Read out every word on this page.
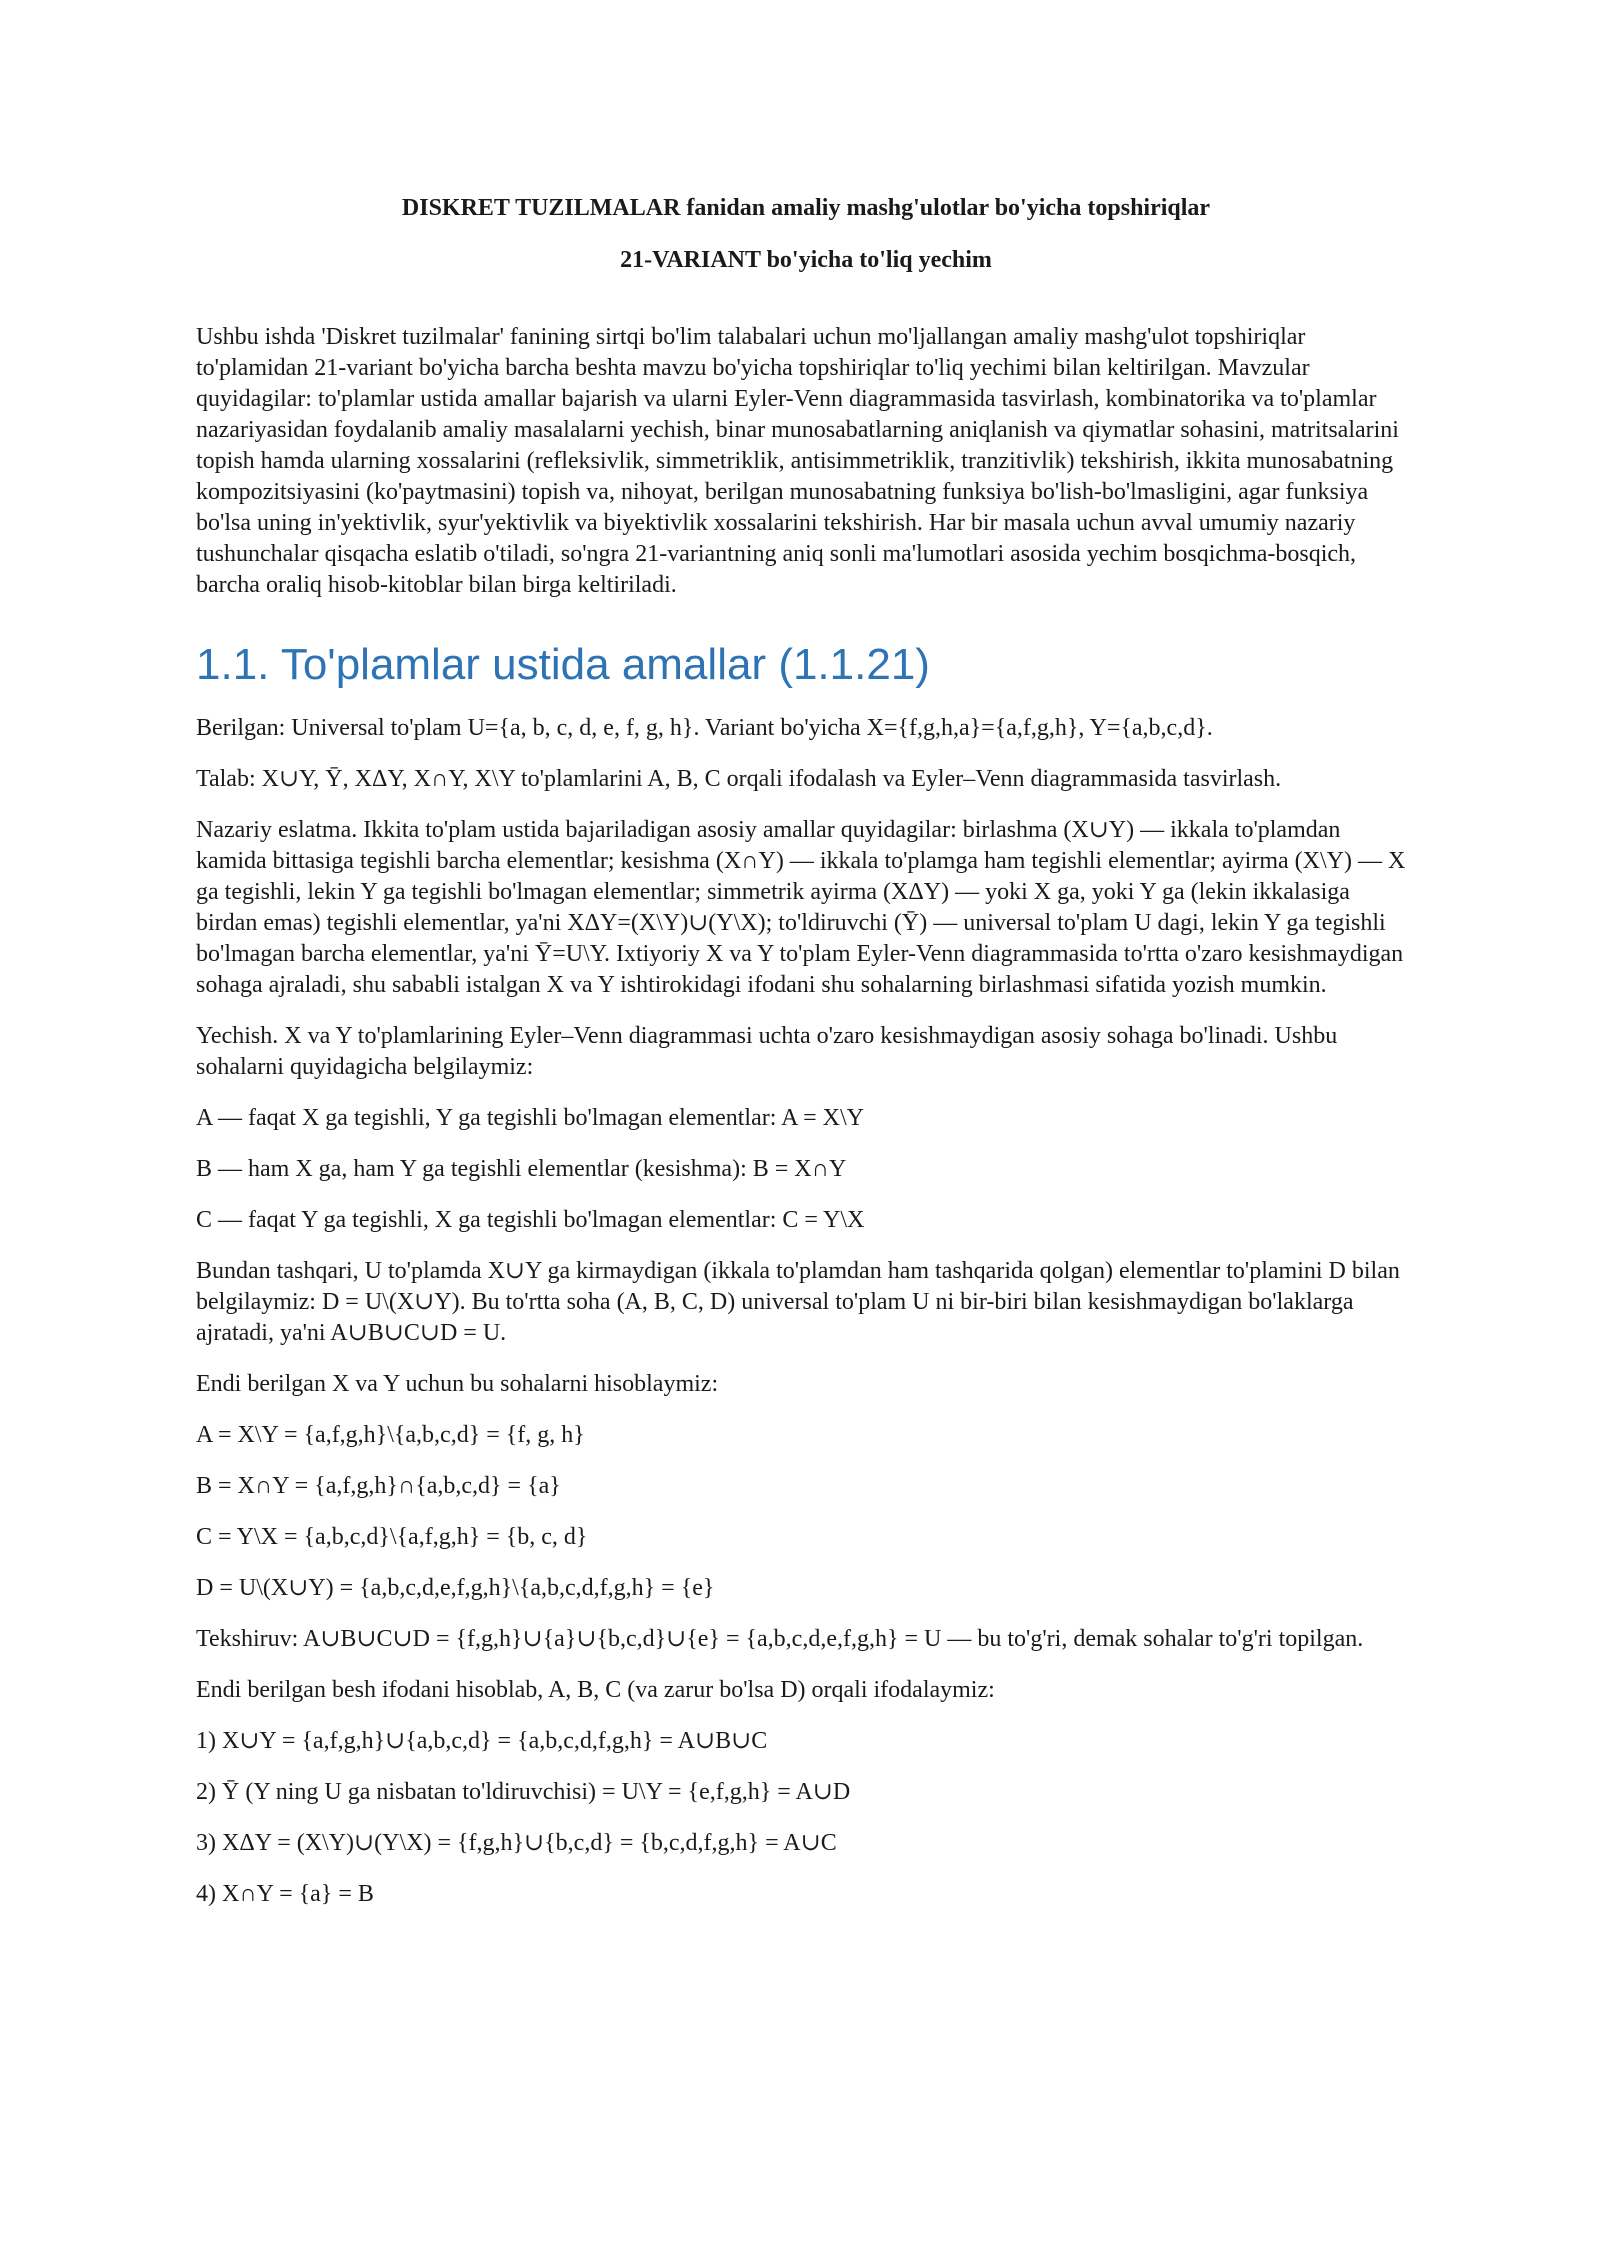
DISKRET TUZILMALAR fanidan amaliy mashg'ulotlar bo'yicha topshiriqlar

21-VARIANT bo'yicha to'liq yechim

Ushbu ishda 'Diskret tuzilmalar' fanining sirtqi bo'lim talabalari uchun mo'ljallangan amaliy mashg'ulot topshiriqlar to'plamidan 21-variant bo'yicha barcha beshta mavzu bo'yicha topshiriqlar to'liq yechimi bilan keltirilgan. Mavzular quyidagilar: to'plamlar ustida amallar bajarish va ularni Eyler-Venn diagrammasida tasvirlash, kombinatorika va to'plamlar nazariyasidan foydalanib amaliy masalalarni yechish, binar munosabatlarning aniqlanish va qiymatlar sohasini, matritsalarini topish hamda ularning xossalarini (refleksivlik, simmetriklik, antisimmetriklik, tranzitivlik) tekshirish, ikkita munosabatning kompozitsiyasini (ko'paytmasini) topish va, nihoyat, berilgan munosabatning funksiya bo'lish-bo'lmasligini, agar funksiya bo'lsa uning in'yektivlik, syur'yektivlik va biyektivlik xossalarini tekshirish. Har bir masala uchun avval umumiy nazariy tushunchalar qisqacha eslatib o'tiladi, so'ngra 21-variantning aniq sonli ma'lumotlari asosida yechim bosqichma-bosqich, barcha oraliq hisob-kitoblar bilan birga keltiriladi.

1.1. To'plamlar ustida amallar (1.1.21)

Berilgan: Universal to'plam U={a, b, c, d, e, f, g, h}. Variant bo'yicha X={f,g,h,a}={a,f,g,h}, Y={a,b,c,d}.

Talab: X∪Y, Ȳ, XΔY, X∩Y, X\Y to'plamlarini A, B, C orqali ifodalash va Eyler–Venn diagrammasida tasvirlash.

Nazariy eslatma. Ikkita to'plam ustida bajariladigan asosiy amallar quyidagilar: birlashma (X∪Y) — ikkala to'plamdan kamida bittasiga tegishli barcha elementlar; kesishma (X∩Y) — ikkala to'plamga ham tegishli elementlar; ayirma (X\Y) — X ga tegishli, lekin Y ga tegishli bo'lmagan elementlar; simmetrik ayirma (XΔY) — yoki X ga, yoki Y ga (lekin ikkalasiga birdan emas) tegishli elementlar, ya'ni XΔY=(X\Y)∪(Y\X); to'ldiruvchi (Ȳ) — universal to'plam U dagi, lekin Y ga tegishli bo'lmagan barcha elementlar, ya'ni Ȳ=U\Y. Ixtiyoriy X va Y to'plam Eyler-Venn diagrammasida to'rtta o'zaro kesishmaydigan sohaga ajraladi, shu sababli istalgan X va Y ishtirokidagi ifodani shu sohalarning birlashmasi sifatida yozish mumkin.

Yechish. X va Y to'plamlarining Eyler–Venn diagrammasi uchta o'zaro kesishmaydigan asosiy sohaga bo'linadi. Ushbu sohalarni quyidagicha belgilaymiz:

A — faqat X ga tegishli, Y ga tegishli bo'lmagan elementlar: A = X\Y

B — ham X ga, ham Y ga tegishli elementlar (kesishma): B = X∩Y

C — faqat Y ga tegishli, X ga tegishli bo'lmagan elementlar: C = Y\X

Bundan tashqari, U to'plamda X∪Y ga kirmaydigan (ikkala to'plamdan ham tashqarida qolgan) elementlar to'plamini D bilan belgilaymiz: D = U\(X∪Y). Bu to'rtta soha (A, B, C, D) universal to'plam U ni bir-biri bilan kesishmaydigan bo'laklarga ajratadi, ya'ni A∪B∪C∪D = U.

Endi berilgan X va Y uchun bu sohalarni hisoblaymiz:

A = X\Y = {a,f,g,h}\{a,b,c,d} = {f, g, h}

B = X∩Y = {a,f,g,h}∩{a,b,c,d} = {a}

C = Y\X = {a,b,c,d}\{a,f,g,h} = {b, c, d}

D = U\(X∪Y) = {a,b,c,d,e,f,g,h}\{a,b,c,d,f,g,h} = {e}

Tekshiruv: A∪B∪C∪D = {f,g,h}∪{a}∪{b,c,d}∪{e} = {a,b,c,d,e,f,g,h} = U — bu to'g'ri, demak sohalar to'g'ri topilgan.

Endi berilgan besh ifodani hisoblab, A, B, C (va zarur bo'lsa D) orqali ifodalaymiz:

1) X∪Y = {a,f,g,h}∪{a,b,c,d} = {a,b,c,d,f,g,h} = A∪B∪C

2) Ȳ (Y ning U ga nisbatan to'ldiruvchisi) = U\Y = {e,f,g,h} = A∪D

3) XΔY = (X\Y)∪(Y\X) = {f,g,h}∪{b,c,d} = {b,c,d,f,g,h} = A∪C

4) X∩Y = {a} = B
